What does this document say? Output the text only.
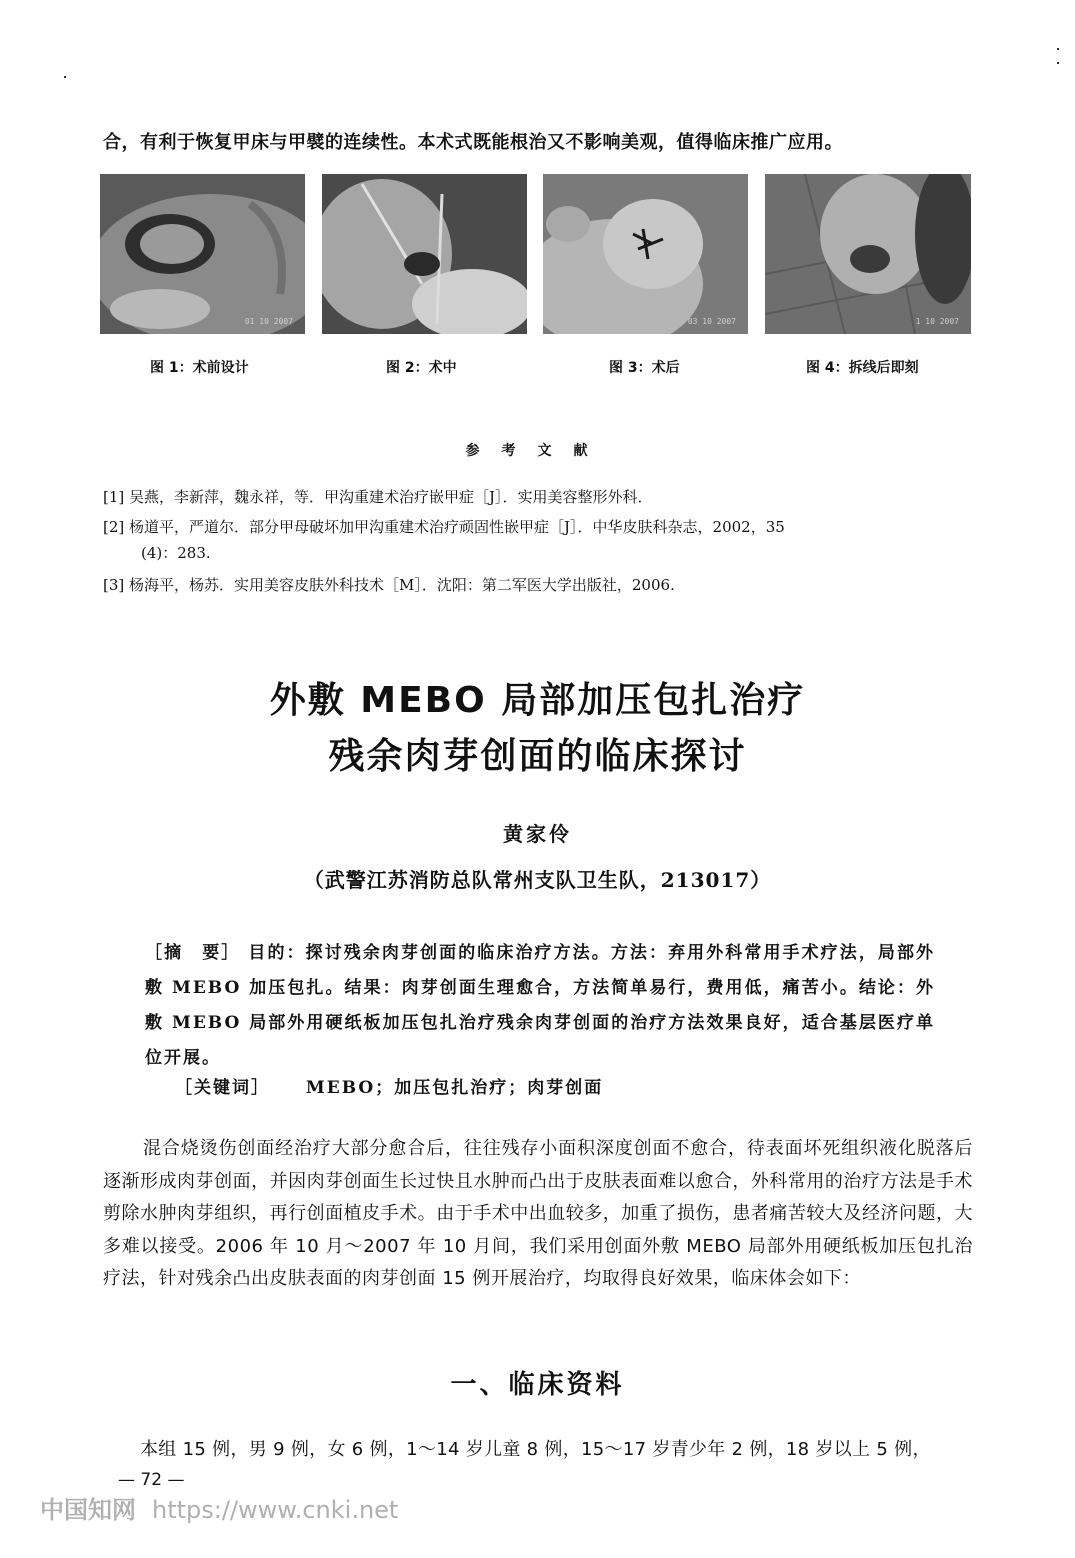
合，有利于恢复甲床与甲襞的连续性。本术式既能根治又不影响美观，值得临床推广应用。
01 10 2007	03 10 2007	1 10 2007
图 1：术前设计	图 2：术中	图 3：术后	图 4：拆线后即刻
参考文献
[1] 吴燕，李新萍，魏永祥，等．甲沟重建术治疗嵌甲症［J］．实用美容整形外科．
[2] 杨道平，严道尔．部分甲母破坏加甲沟重建术治疗顽固性嵌甲症［J］．中华皮肤科杂志，2002，35
(4)：283.
[3] 杨海平，杨苏．实用美容皮肤外科技术［M］．沈阳：第二军医大学出版社，2006.
外敷 MEBO 局部加压包扎治疗
残余肉芽创面的临床探讨
黄家伶
（武警江苏消防总队常州支队卫生队，213017）
［摘　要］ 目的：探讨残余肉芽创面的临床治疗方法。方法：弃用外科常用手术疗法，局部外敷 MEBO 加压包扎。结果：肉芽创面生理愈合，方法简单易行，费用低，痛苦小。结论：外敷 MEBO 局部外用硬纸板加压包扎治疗残余肉芽创面的治疗方法效果良好，适合基层医疗单位开展。
［关键词］ MEBO；加压包扎治疗；肉芽创面
混合烧烫伤创面经治疗大部分愈合后，往往残存小面积深度创面不愈合，待表面坏死组织液化脱落后逐渐形成肉芽创面，并因肉芽创面生长过快且水肿而凸出于皮肤表面难以愈合，外科常用的治疗方法是手术剪除水肿肉芽组织，再行创面植皮手术。由于手术中出血较多，加重了损伤，患者痛苦较大及经济问题，大多难以接受。2006 年 10 月～2007 年 10 月间，我们采用创面外敷 MEBO 局部外用硬纸板加压包扎治疗法，针对残余凸出皮肤表面的肉芽创面 15 例开展治疗，均取得良好效果，临床体会如下：
一、临床资料
本组 15 例，男 9 例，女 6 例，1～14 岁儿童 8 例，15～17 岁青少年 2 例，18 岁以上 5 例，
— 72 —
中国知网 https://www.cnki.net
